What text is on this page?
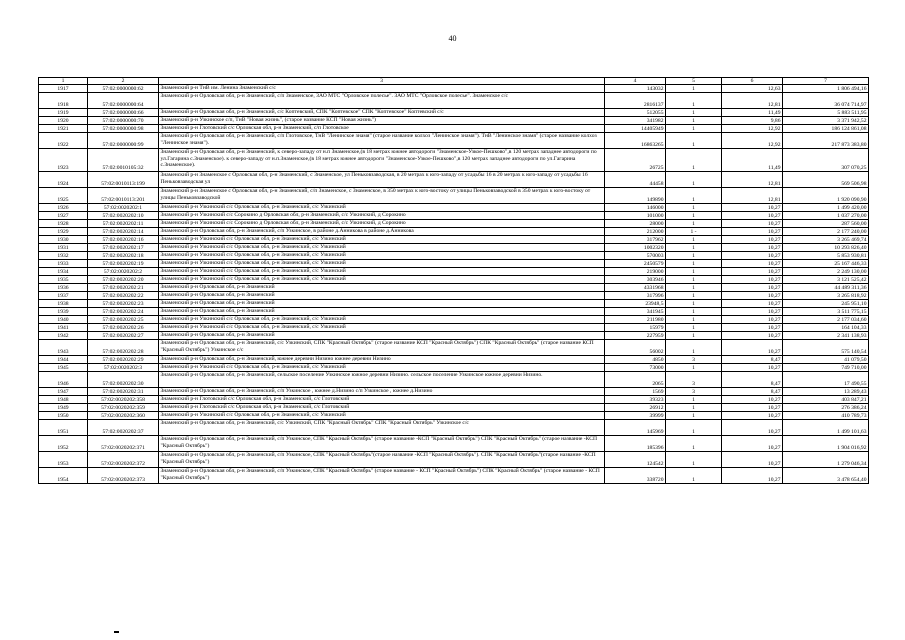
40
1	2	3	4	5	6	7
1917	57:02:0000000:62	Знаменский р-н ТнВ им. Ленина Знаменский с/с	143032	1	12,63	1 806 494,16
1918	57:02:0000000:64	Знаменский р-н Орловская обл, р-н Знаменский, с/п Знаменское, ЗАО МТС "Орловское полесье". ЗАО МТС "Орловское полесье". Знаменское с/с	2816137	1	12,81	36 074 714,97
1919	57:02:0000000:66	Знаменский р-н Орловская обл, р-н Знаменский, с/с Коптевский, СПК "Коптевское" СПК "Коптевское" Коптевский с/с	512055	1	11,49	5 883 511,95
1920	57:02:0000000:70	Знаменский р-н Узкинское с/п, ТнВ "Новая жизнь", (старое название КСП "Новая жизнь")	341982	1	9,86	3 371 942,52
1921	57:02:0000000:98	Знаменский р-н Глотовский с/с Орловская обл, р-н Знаменский, с/п Глотовское	14405949	1	12,92	186 124 861,08
1922	57:02:0000000:99	Знаменский р-н Орловская обл, р-н Знаменский, с/п Глотовское, ТнВ "Ленинское знамя" (старое название колхоз "Ленинское знамя"). ТнВ "Ленинское знамя" (старое название колхоз "Ленинское знамя").	16863265	1	12,92	217 873 383,80
1923	57:02:0010105:32	Знаменский р-н Орловская обл, р-н Знаменский, к северо-западу от н.п Знаменское,(в 18 метрах южнее автодороги "Знаменское-Узкое-Пешково",в 120 метрах западнее автодороги по ул.Гагарина с.Знаменское). к северо-западу от н.п.Знаменское,(в 18 метрах южнее автодороги "Знаменское-Узкое-Пешково",в 120 метрах западнее автодороги по ул.Гагарина с.Знаменское).	26725	1	11,49	307 070,25
1924	57:02:0010113:199	Знаменский р-н Знаменское с Орловская обл, р-н Знаменский, с Знаменское, ул Пеньковзаводская, в 20 метрах к юго-западу от усадьбы 16 в 20 метрах к юго-западу от усадьбы 16 Пеньковзаводская ул	44458	1	12,81	569 506,98
1925	57:02:0010113:201	Знаменский р-н Знаменское с Орловская обл, р-н Знаменский, с/п Знаменское, с Знаменское, в 350 метрах к юго-востоку от улицы Пеньковзаводской в 350 метрах к юго-востоку от улицы Пеньковзаводской	149890	1	12,81	1 920 090,90
1926	57:02:0020202:1	Знаменский р-н Узкинский с/с Орловская обл, р-н Знаменский, с/с Узкинский	146000	1	10,27	1 499 420,00
1927	57:02:0020202:10	Знаменский р-н Узкинский с/с Сорокино д Орловская обл, р-н Знаменский, с/с Узкинский, д Сорокино	101000	1	10,27	1 037 270,00
1928	57:02:0020202:11	Знаменский р-н Узкинский с/с Сорокино д Орловская обл, р-н Знаменский, с/с Узкинский, д Сорокино	28000	1	10,27	287 560,00
1929	57:02:0020202:14	Знаменский р-н Орловская обл, р-н Знаменский, с/п Узкинское, в районе д.Анникова в районе д.Анникова	212000	1 -	10,27	2 177 240,00
1930	57:02:0020202:16	Знаменский р-н Узкинский с/с Орловская обл, р-н Знаменский, с/с Узкинский	317962	1	10,27	3 265 469,74
1931	57:02:0020202:17	Знаменский р-н Узкинский с/с Орловская обл, р-н Знаменский, с/с Узкинский	1002320	1	10,27	10 293 826,40
1932	57:02:0020202:18	Знаменский р-н Узкинский с/с Орловская обл, р-н Знаменский, с/с Узкинский	570003	1	10,27	5 853 930,81
1933	57:02:0020202:19	Знаменский р-н Узкинский с/с Орловская обл, р-н Знаменский, с/с Узкинский	2450579	1	10,27	25 167 446,33
1934	57:02:0020202:2	Знаменский р-н Узкинский с/с Орловская обл, р-н Знаменский, с/с Узкинский	219000	1	10,27	2 249 130,00
1935	57:02:0020202:20	Знаменский р-н Узкинский с/с Орловская обл, р-н Знаменский, с/с Узкинский	303946	1	10,27	3 121 525,42
1936	57:02:0020202:21	Знаменский р-н Орловская обл, р-н Знаменский	4331968	1	10,27	44 489 311,36
1937	57:02:0020202:22	Знаменский р-н Орловская обл, р-н Знаменский	317996	1	10,27	3 265 818,92
1938	57:02:0020202:23	Знаменский р-н Орловская обл, р-н Знаменский	23948,5	1	10,27	245 951,10
1939	57:02:0020202:24	Знаменский р-н Орловская обл, р-н Знаменский	341945	1	10,27	3 511 775,15
1940	57:02:0020202:25	Знаменский р-н Узкинский с/с Орловская обл, р-н Знаменский, с/с Узкинский	211980	1	10,27	2 177 034,60
1941	57:02:0020202:26	Знаменский р-н Узкинский с/с Орловская обл, р-н Знаменский, с/с Узкинский	15979	1	10,27	164 104,33
1942	57:02:0020202:27	Знаменский р-н Орловская обл, р-н Знаменский	227959	1	10,27	2 341 138,93
1943	57:02:0020202:28	Знаменский р-н Орловская обл, р-н Знаменский, с/с Узкинский, СПК "Красный Октябрь" (старое название КСП "Красный Октябрь") СПК "Красный Октябрь" (старое название КСП "Красный Октябрь") Узкинское с/с	56002	1	10,27	575 140,54
1944	57:02:0020202:29	Знаменский р-н Орловская обл, р-н Знаменский, южнее деревни Низино южнее деревни Низино	4850	3	8,47	41 079,50
1945	57:02:0020202:3	Знаменский р-н Узкинский с/с Орловская обл, р-н Знаменский, с/с Узкинский	73000	1	10,27	749 710,00
1946	57:02:0020202:30	Знаменский р-н Орловская обл, р-н Знаменский, сельское поселение Узкинское южное деревни Низино. сельское поселение Узкинское южное деревни Низино.	2065	3	8,47	17 490,55
1947	57:02:0020202:31	Знаменский р-н Орловская обл, р-н Знаменский, с/п Узкинское , южнее д.Низино с/п Узкинское , южнее д.Низино	1569	3	8,47	13 289,43
1948	57:02:0020202:358	Знаменский р-н Глотовский с/с Орловская обл, р-н Знаменский, с/с Глотовский	39323	1	10,27	403 847,21
1949	57:02:0020202:359	Знаменский р-н Глотовский с/с Орловская обл, р-н Знаменский, с/с Глотовский	26912	1	10,27	276 386,24
1950	57:02:0020202:360	Знаменский р-н Узкинский с/с Орловская обл, р-н Знаменский, с/с Узкинский	39999	1	10,27	410 789,73
1951	57:02:0020202:37	Знаменский р-н Орловская обл, р-н Знаменский, с/с Узкинский, СПК "Красный Октябрь" СПК "Красный Октябрь" Узкинское с/с	145969	1	10,27	1 499 101,63
1952	57:02:0020202:371	Знаменский р-н Орловская обл, р-н Знаменский, с/п Узкинское, СПК "Красный Октябрь" (старое название -КСП "Красный Октябрь") СПК "Красный Октябрь" (старое название -КСП "Красный Октябрь")	185396	1	10,27	1 904 016,92
1953	57:02:0020202:372	Знаменский р-н Орловская обл, р-н Знаменский, с/п Узкинское, СПК "Красный Октябрь"(старое название -КСП "Красный Октябрь"). СПК "Красный Октябрь"(старое название -КСП "Красный Октябрь")	124542	1	10,27	1 279 046,34
1954	57:02:0020202:373	Знаменский р-н Орловская обл, р-н Знаменский, с/п Узкинское, СПК "Красный Октябрь" (старое название - КСП "Красный Октябрь") СПК "Красный Октябрь" (старое название - КСП "Красный Октябрь")	338720	1	10,27	3 478 654,40
